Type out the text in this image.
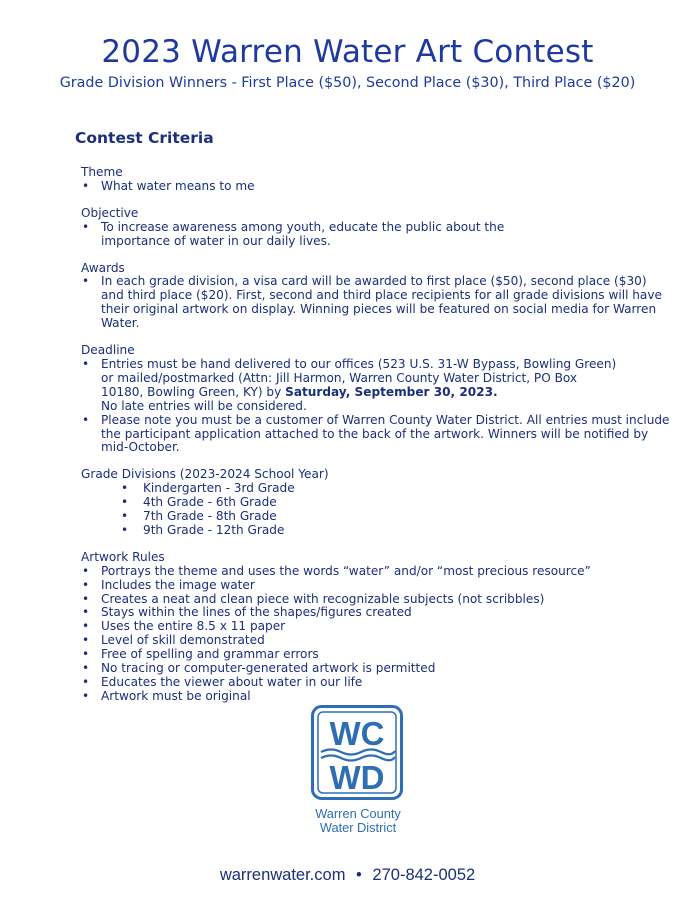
2023 Warren Water Art Contest
Grade Division Winners - First Place ($50), Second Place ($30), Third Place ($20)
Contest Criteria
Theme
• What water means to me
Objective
• To increase awareness among youth, educate the public about the importance of water in our daily lives.
Awards
• In each grade division, a visa card will be awarded to first place ($50), second place ($30) and third place ($20). First, second and third place recipients for all grade divisions will have their original artwork on display. Winning pieces will be featured on social media for Warren Water.
Deadline
• Entries must be hand delivered to our offices (523 U.S. 31-W Bypass, Bowling Green) or mailed/postmarked (Attn: Jill Harmon, Warren County Water District, PO Box 10180, Bowling Green, KY) by Saturday, September 30, 2023.
No late entries will be considered.
• Please note you must be a customer of Warren County Water District. All entries must include the participant application attached to the back of the artwork. Winners will be notified by mid-October.
Grade Divisions (2023-2024 School Year)
• Kindergarten - 3rd Grade
• 4th Grade - 6th Grade
• 7th Grade - 8th Grade
• 9th Grade - 12th Grade
Artwork Rules
• Portrays the theme and uses the words “water” and/or “most precious resource”
• Includes the image water
• Creates a neat and clean piece with recognizable subjects (not scribbles)
• Stays within the lines of the shapes/figures created
• Uses the entire 8.5 x 11 paper
• Level of skill demonstrated
• Free of spelling and grammar errors
• No tracing or computer-generated artwork is permitted
• Educates the viewer about water in our life
• Artwork must be original
WC
WD
Warren County
Water District
warrenwater.com • 270-842-0052
